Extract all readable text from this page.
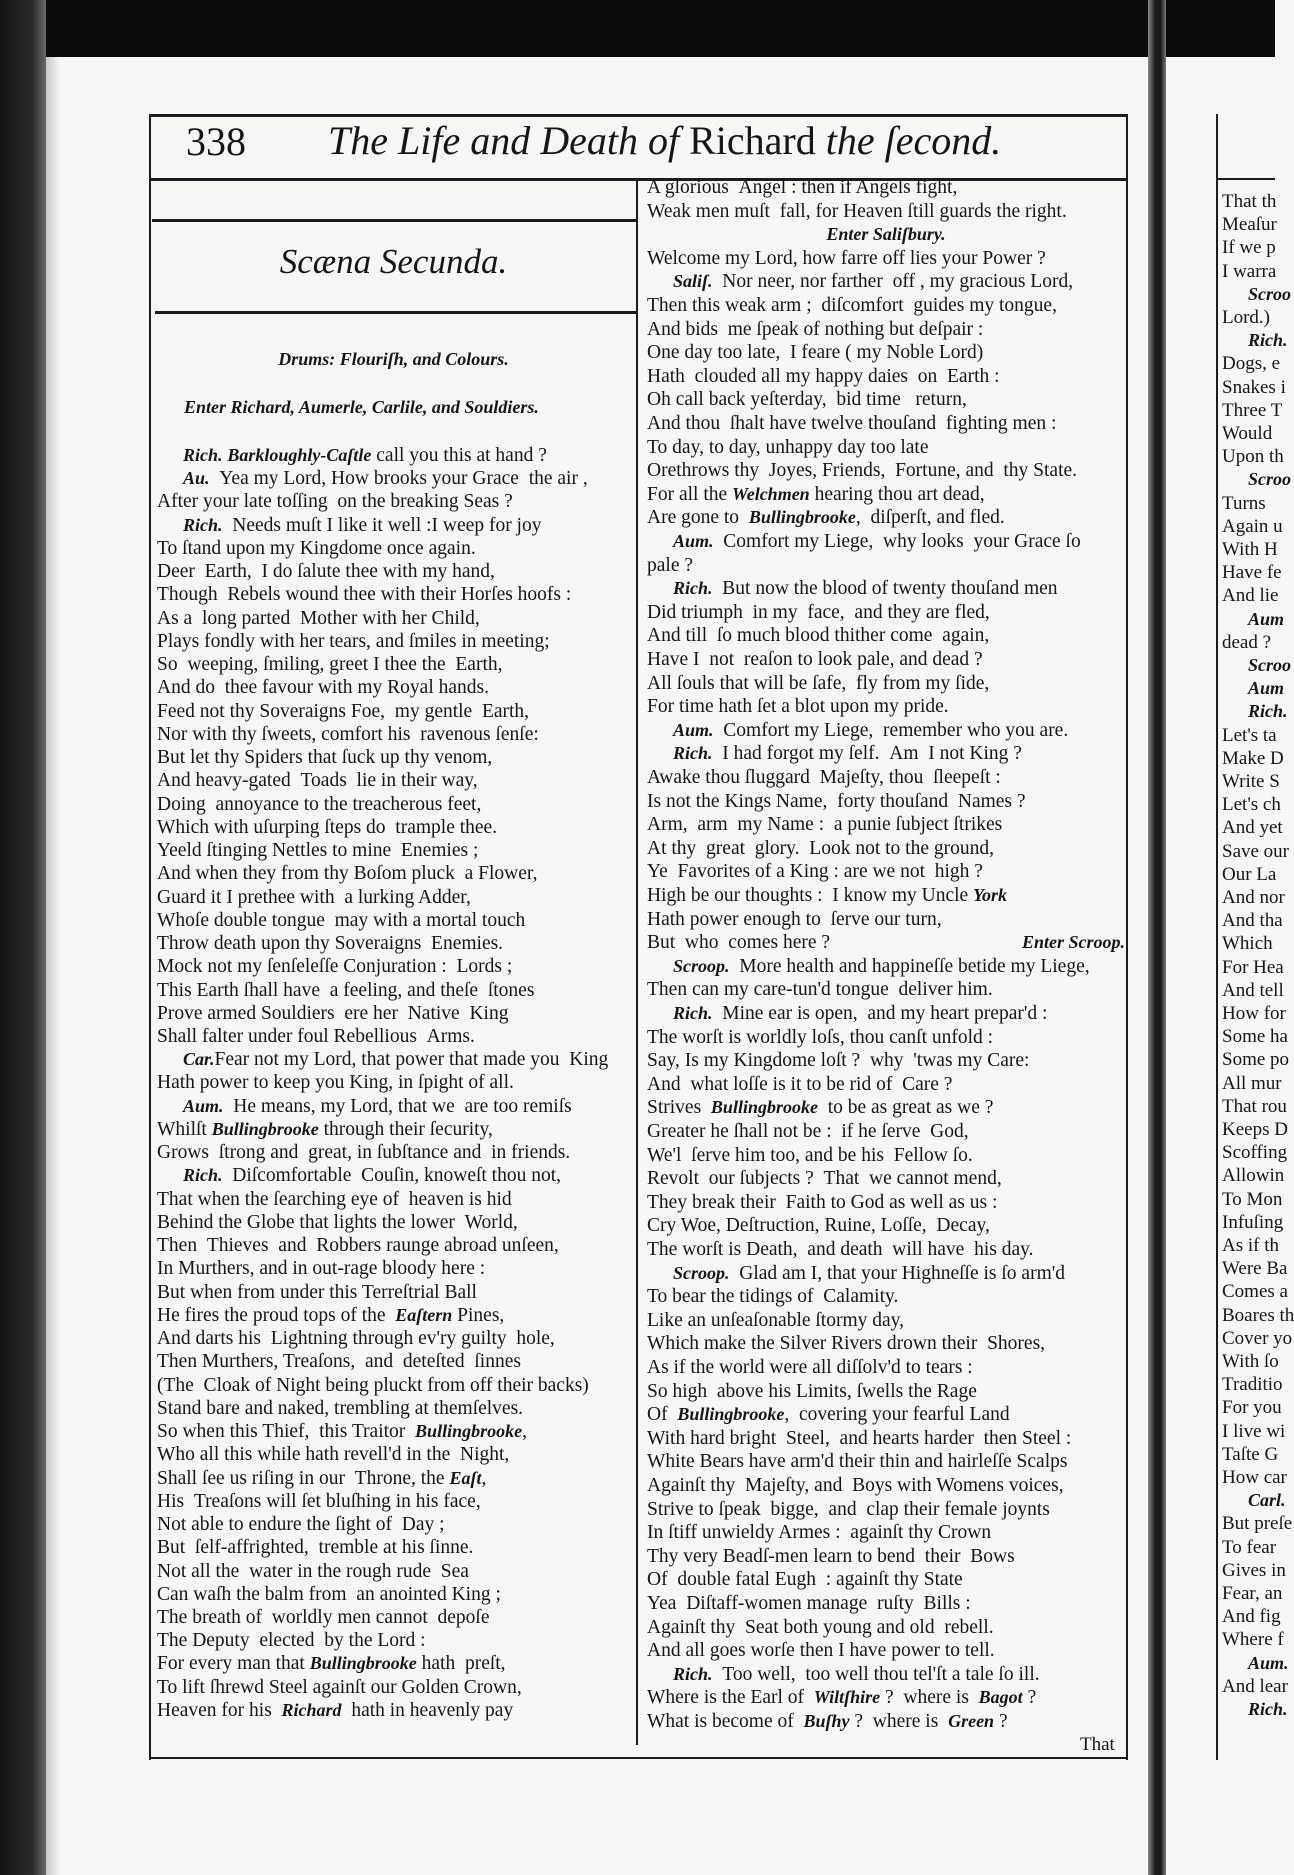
338 The Life and Death of Richard the ſecond.
Scæna Secunda.
Drums: Flouriſh, and Colours.
Enter Richard, Aumerle, Carlile, and Souldiers.
Rich. Barkloughly-Caſtle call you this at hand ?
Au.  Yea my Lord, How brooks your Grace  the air ,
After your late toſſing  on the breaking Seas ?
Rich.  Needs muſt I like it well :I weep for joy
To ſtand upon my Kingdome once again.
Deer  Earth,  I do ſalute thee with my hand,
Though  Rebels wound thee with their Horſes hoofs :
As a  long parted  Mother with her Child,
Plays fondly with her tears, and ſmiles in meeting;
So  weeping, ſmiling, greet I thee the  Earth,
And do  thee favour with my Royal hands.
Feed not thy Soveraigns Foe,  my gentle  Earth,
Nor with thy ſweets, comfort his  ravenous ſenſe:
But let thy Spiders that ſuck up thy venom,
And heavy-gated  Toads  lie in their way,
Doing  annoyance to the treacherous feet,
Which with uſurping ſteps do  trample thee.
Yeeld ſtinging Nettles to mine  Enemies ;
And when they from thy Boſom pluck  a Flower,
Guard it I prethee with  a lurking Adder,
Whoſe double tongue  may with a mortal touch
Throw death upon thy Soveraigns  Enemies.
Mock not my ſenſeleſſe Conjuration :  Lords ;
This Earth ſhall have  a feeling, and theſe  ſtones
Prove armed Souldiers  ere her  Native  King
Shall falter under foul Rebellious  Arms.
Car.Fear not my Lord, that power that made you  King
Hath power to keep you King, in ſpight of all.
Aum.  He means, my Lord, that we  are too remiſs
Whilſt Bullingbrooke through their ſecurity,
Grows  ſtrong and  great, in ſubſtance and  in friends.
Rich.  Diſcomfortable  Couſin, knoweſt thou not,
That when the ſearching eye of  heaven is hid
Behind the Globe that lights the lower  World,
Then  Thieves  and  Robbers raunge abroad unſeen,
In Murthers, and in out-rage bloody here :
But when from under this Terreſtrial Ball
He fires the proud tops of the  Eaſtern Pines,
And darts his  Lightning through ev'ry guilty  hole,
Then Murthers, Treaſons,  and  deteſted  ſinnes
(The  Cloak of Night being pluckt from off their backs)
Stand bare and naked, trembling at themſelves.
So when this Thief,  this Traitor  Bullingbrooke,
Who all this while hath revell'd in the  Night,
Shall ſee us riſing in our  Throne, the Eaſt,
His  Treaſons will ſet bluſhing in his face,
Not able to endure the ſight of  Day ;
But  ſelf-affrighted,  tremble at his ſinne.
Not all the  water in the rough rude  Sea
Can waſh the balm from  an anointed King ;
The breath of  worldly men cannot  depoſe
The Deputy  elected  by the Lord :
For every man that Bullingbrooke hath  preſt,
To lift ſhrewd Steel againſt our Golden Crown,
Heaven for his  Richard  hath in heavenly pay
A glorious  Angel : then if Angels fight,
Weak men muſt  fall, for Heaven ſtill guards the right.
Enter Saliſbury.
Welcome my Lord, how farre off lies your Power ?
Saliſ.  Nor neer, nor farther  off , my gracious Lord,
Then this weak arm ;  diſcomfort  guides my tongue,
And bids  me ſpeak of nothing but deſpair :
One day too late,  I feare ( my Noble Lord)
Hath  clouded all my happy daies  on  Earth :
Oh call back yeſterday,  bid time   return,
And thou  ſhalt have twelve thouſand  fighting men :
To day, to day, unhappy day too late
Orethrows thy  Joyes, Friends,  Fortune, and  thy State.
For all the Welchmen hearing thou art dead,
Are gone to  Bullingbrooke,  diſperſt, and fled.
Aum.  Comfort my Liege,  why looks  your Grace ſo
pale ?
Rich.  But now the blood of twenty thouſand men
Did triumph  in my  face,  and they are fled,
And till  ſo much blood thither come  again,
Have I  not  reaſon to look pale, and dead ?
All ſouls that will be ſafe,  fly from my ſide,
For time hath ſet a blot upon my pride.
Aum.  Comfort my Liege,  remember who you are.
Rich.  I had forgot my ſelf.  Am  I not King ?
Awake thou ſluggard  Majeſty, thou  ſleepeſt :
Is not the Kings Name,  forty thouſand  Names ?
Arm,  arm  my Name :  a punie ſubject ſtrikes
At thy  great  glory.  Look not to the ground,
Ye  Favorites of a King : are we not  high ?
High be our thoughts :  I know my Uncle York
Hath power enough to  ſerve our turn,
But  who  comes here ?	Enter Scroop.
Scroop.  More health and happineſſe betide my Liege,
Then can my care-tun'd tongue  deliver him.
Rich.  Mine ear is open,  and my heart prepar'd :
The worſt is worldly loſs, thou canſt unfold :
Say, Is my Kingdome loſt ?  why  'twas my Care:
And  what loſſe is it to be rid of  Care ?
Strives  Bullingbrooke  to be as great as we ?
Greater he ſhall not be :  if he ſerve  God,
We'l  ſerve him too, and be his  Fellow ſo.
Revolt  our ſubjects ?  That  we cannot mend,
They break their  Faith to God as well as us :
Cry Woe, Deſtruction, Ruine, Loſſe,  Decay,
The worſt is Death,  and death  will have  his day.
Scroop.  Glad am I, that your Highneſſe is ſo arm'd
To bear the tidings of  Calamity.
Like an unſeaſonable ſtormy day,
Which make the Silver Rivers drown their  Shores,
As if the world were all diſſolv'd to tears :
So high  above his Limits, ſwells the Rage
Of  Bullingbrooke,  covering your fearful Land
With hard bright  Steel,  and hearts harder  then Steel :
White Bears have arm'd their thin and hairleſſe Scalps
Againſt thy  Majeſty, and  Boys with Womens voices,
Strive to ſpeak  bigge,  and  clap their female joynts
In ſtiff unwieldy Armes :  againſt thy Crown
Thy very Beadſ-men learn to bend  their  Bows
Of  double fatal Eugh  : againſt thy State
Yea  Diſtaff-women manage  ruſty  Bills :
Againſt thy  Seat both young and old  rebell.
And all goes worſe then I have power to tell.
Rich.  Too well,  too well thou tel'ſt a tale ſo ill.
Where is the Earl of  Wiltſhire ?  where is  Bagot ?
What is become of  Buſhy ?  where is  Green ?
That
That th
Meaſur
If we p
I warra
Scroo
Lord.)
Rich.
Dogs, e
Snakes i
Three T
Would
Upon th
Scroo
Turns
Again u
With H
Have fe
And lie
Aum
dead ?
Scroo
Aum
Rich.
Let's ta
Make D
Write S
Let's ch
And yet
Save our
Our La
And nor
And tha
Which
For Hea
And tell
How for
Some ha
Some po
All mur
That rou
Keeps D
Scoffing
Allowin
To Mon
Infuſing
As if th
Were Ba
Comes a
Boares th
Cover yo
With ſo
Traditio
For you
I live wi
Taſte G
How car
Carl.
But preſe
To fear
Gives in
Fear, an
And fig
Where f
Aum.
And lear
Rich.
